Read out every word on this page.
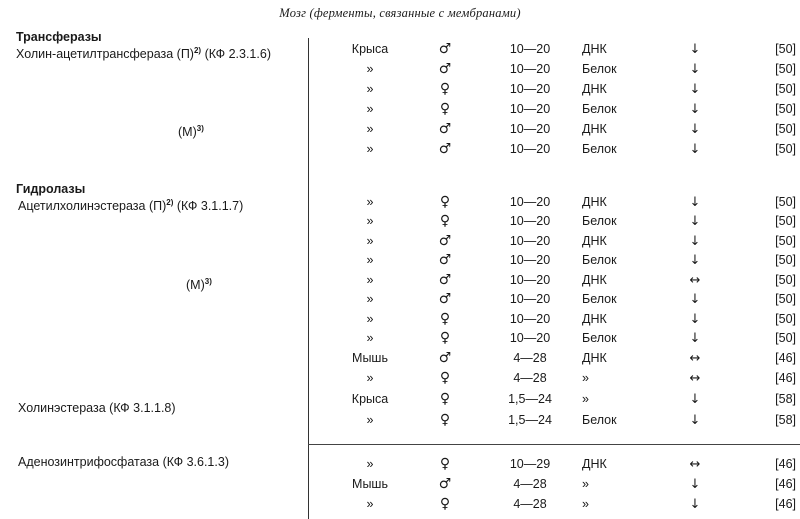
Мозг (ферменты, связанные с мембранами)
Трансферазы
Холин-ацетилтрансфераза $(П)^{2)}$ (КФ 2.3.1.6)
$(М)^{3)}$
Гидролазы
Ацетилхолинэстераза $(П)^{2)}$ (КФ 3.1.1.7)
$(М)^{3)}$
Холинэстераза (КФ 3.1.1.8)
Аденозинтрифосфатаза (КФ 3.6.1.3)
Крыса	♂	10—20	ДНК	↓	[50]
»	♂	10—20	Белок	↓	[50]
»	♀	10—20	ДНК	↓	[50]
»	♀	10—20	Белок	↓	[50]
»	♂	10—20	ДНК	↓	[50]
»	♂	10—20	Белок	↓	[50]
»	♀	10—20	ДНК	↓	[50]
»	♀	10—20	Белок	↓	[50]
»	♂	10—20	ДНК	↓	[50]
»	♂	10—20	Белок	↓	[50]
»	♂	10—20	ДНК	↔	[50]
»	♂	10—20	Белок	↓	[50]
»	♀	10—20	ДНК	↓	[50]
»	♀	10—20	Белок	↓	[50]
Мышь	♂	4—28	ДНК	↔	[46]
»	♀	4—28	»	↔	[46]
Крыса	♀	1,5—24	»	↓	[58]
»	♀	1,5—24	Белок	↓	[58]
»	♀	10—29	ДНК	↔	[46]
Мышь	♂	4—28	»	↓	[46]
»	♀	4—28	»	↓	[46]
